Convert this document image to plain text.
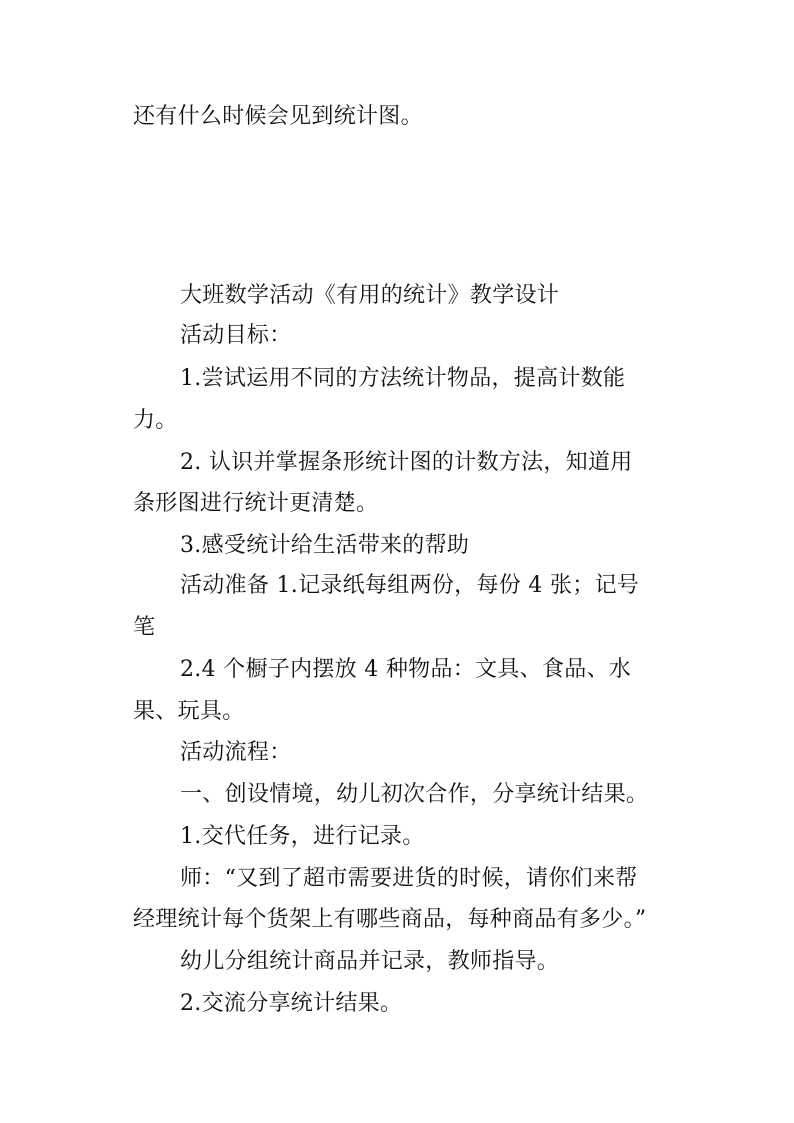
还有什么时候会见到统计图。
大班数学活动《有用的统计》教学设计
活动目标：
1.尝试运用不同的方法统计物品，提高计数能
力。
2. 认识并掌握条形统计图的计数方法，知道用
条形图进行统计更清楚。
3.感受统计给生活带来的帮助
活动准备 1.记录纸每组两份，每份 4 张；记号
笔
2.4 个橱子内摆放 4 种物品：文具、食品、水
果、玩具。
活动流程：
一、创设情境，幼儿初次合作，分享统计结果。
1.交代任务，进行记录。
师：“又到了超市需要进货的时候，请你们来帮
经理统计每个货架上有哪些商品，每种商品有多少。”
幼儿分组统计商品并记录，教师指导。
2.交流分享统计结果。
